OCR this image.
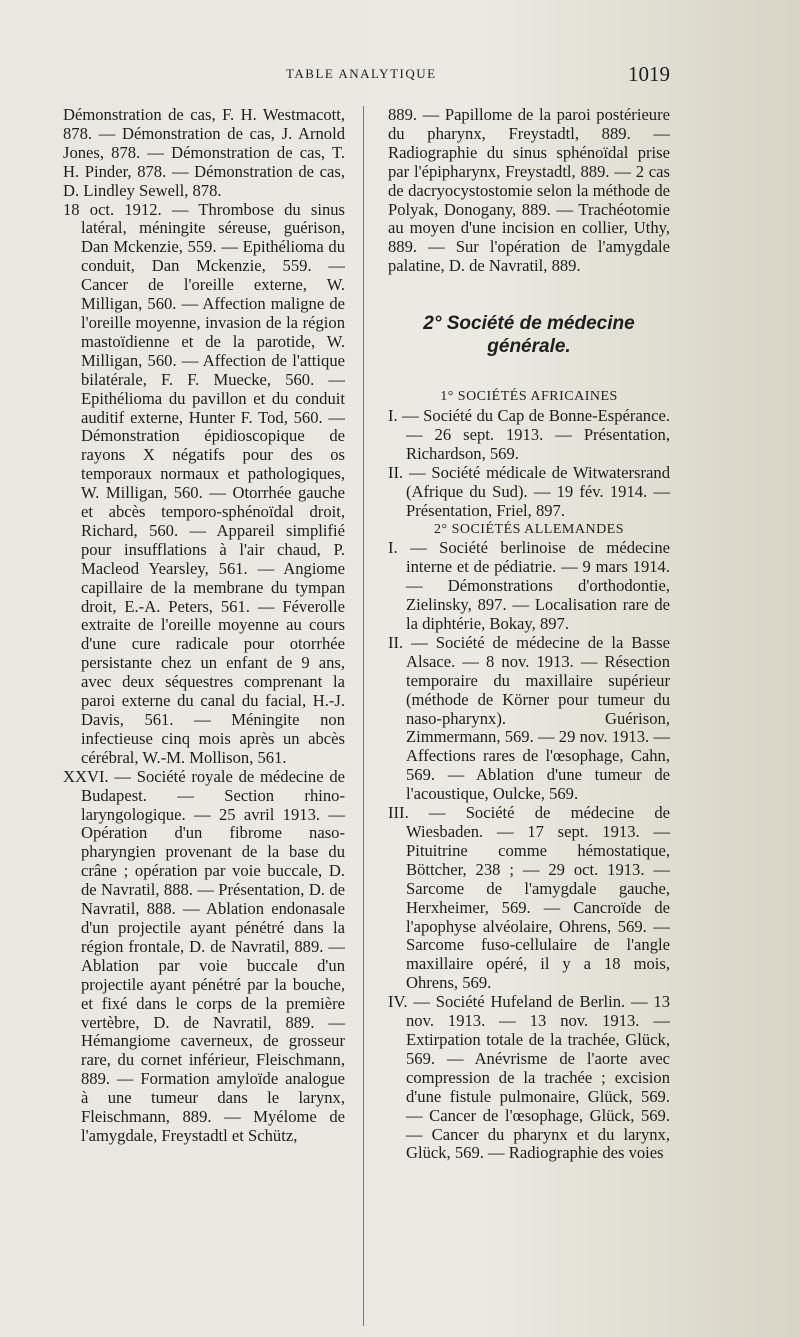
TABLE ANALYTIQUE	1019

Démonstration de cas, F. H. Westmacott, 878. — Démonstration de cas, J. Arnold Jones, 878. — Démonstration de cas, T. H. Pinder, 878. — Démonstration de cas, D. Lindley Sewell, 878.

18 oct. 1912. — Thrombose du sinus latéral, méningite séreuse, guérison, Dan Mckenzie, 559. — Epithélioma du conduit, Dan Mckenzie, 559. — Cancer de l'oreille externe, W. Milligan, 560. — Affection maligne de l'oreille moyenne, invasion de la région mastoïdienne et de la parotide, W. Milligan, 560. — Affection de l'attique bilatérale, F. F. Muecke, 560. — Epithélioma du pavillon et du conduit auditif externe, Hunter F. Tod, 560. — Démonstration épidioscopique de rayons X négatifs pour des os temporaux normaux et pathologiques, W. Milligan, 560. — Otorrhée gauche et abcès temporo-sphénoïdal droit, Richard, 560. — Appareil simplifié pour insufflations à l'air chaud, P. Macleod Yearsley, 561. — Angiome capillaire de la membrane du tympan droit, E.-A. Peters, 561. — Féverolle extraite de l'oreille moyenne au cours d'une cure radicale pour otorrhée persistante chez un enfant de 9 ans, avec deux séquestres comprenant la paroi externe du canal du facial, H.-J. Davis, 561. — Méningite non infectieuse cinq mois après un abcès cérébral, W.-M. Mollison, 561.

XXVI. — Société royale de médecine de Budapest. — Section rhino-laryngologique. — 25 avril 1913. — Opération d'un fibrome naso-pharyngien provenant de la base du crâne ; opération par voie buccale, D. de Navratil, 888. — Présentation, D. de Navratil, 888. — Ablation endonasale d'un projectile ayant pénétré dans la région frontale, D. de Navratil, 889. — Ablation par voie buccale d'un projectile ayant pénétré par la bouche, et fixé dans le corps de la première vertèbre, D. de Navratil, 889. — Hémangiome caverneux, de grosseur rare, du cornet inférieur, Fleischmann, 889. — Formation amyloïde analogue à une tumeur dans le larynx, Fleischmann, 889. — Myélome de l'amygdale, Freystadtl et Schütz,

889. — Papillome de la paroi postérieure du pharynx, Freystadtl, 889. — Radiographie du sinus sphénoïdal prise par l'épipharynx, Freystadtl, 889. — 2 cas de dacryocystostomie selon la méthode de Polyak, Donogany, 889. — Trachéotomie au moyen d'une incision en collier, Uthy, 889. — Sur l'opération de l'amygdale palatine, D. de Navratil, 889.

2° Société de médecine générale.

1° SOCIÉTÉS AFRICAINES

I. — Société du Cap de Bonne-Espérance. — 26 sept. 1913. — Présentation, Richardson, 569.

II. — Société médicale de Witwatersrand (Afrique du Sud). — 19 fév. 1914. — Présentation, Friel, 897.

2° SOCIÉTÉS ALLEMANDES

I. — Société berlinoise de médecine interne et de pédiatrie. — 9 mars 1914. — Démonstrations d'orthodontie, Zielinsky, 897. — Localisation rare de la diphtérie, Bokay, 897.

II. — Société de médecine de la Basse Alsace. — 8 nov. 1913. — Résection temporaire du maxillaire supérieur (méthode de Körner pour tumeur du naso-pharynx). Guérison, Zimmermann, 569. — 29 nov. 1913. — Affections rares de l'œsophage, Cahn, 569. — Ablation d'une tumeur de l'acoustique, Oulcke, 569.

III. — Société de médecine de Wiesbaden. — 17 sept. 1913. — Pituitrine comme hémostatique, Böttcher, 238 ; — 29 oct. 1913. — Sarcome de l'amygdale gauche, Herxheimer, 569. — Cancroïde de l'apophyse alvéolaire, Ohrens, 569. — Sarcome fuso-cellulaire de l'angle maxillaire opéré, il y a 18 mois, Ohrens, 569.

IV. — Société Hufeland de Berlin. — 13 nov. 1913. — 13 nov. 1913. — Extirpation totale de la trachée, Glück, 569. — Anévrisme de l'aorte avec compression de la trachée ; excision d'une fistule pulmonaire, Glück, 569. — Cancer de l'œsophage, Glück, 569. — Cancer du pharynx et du larynx, Glück, 569. — Radiographie des voies
